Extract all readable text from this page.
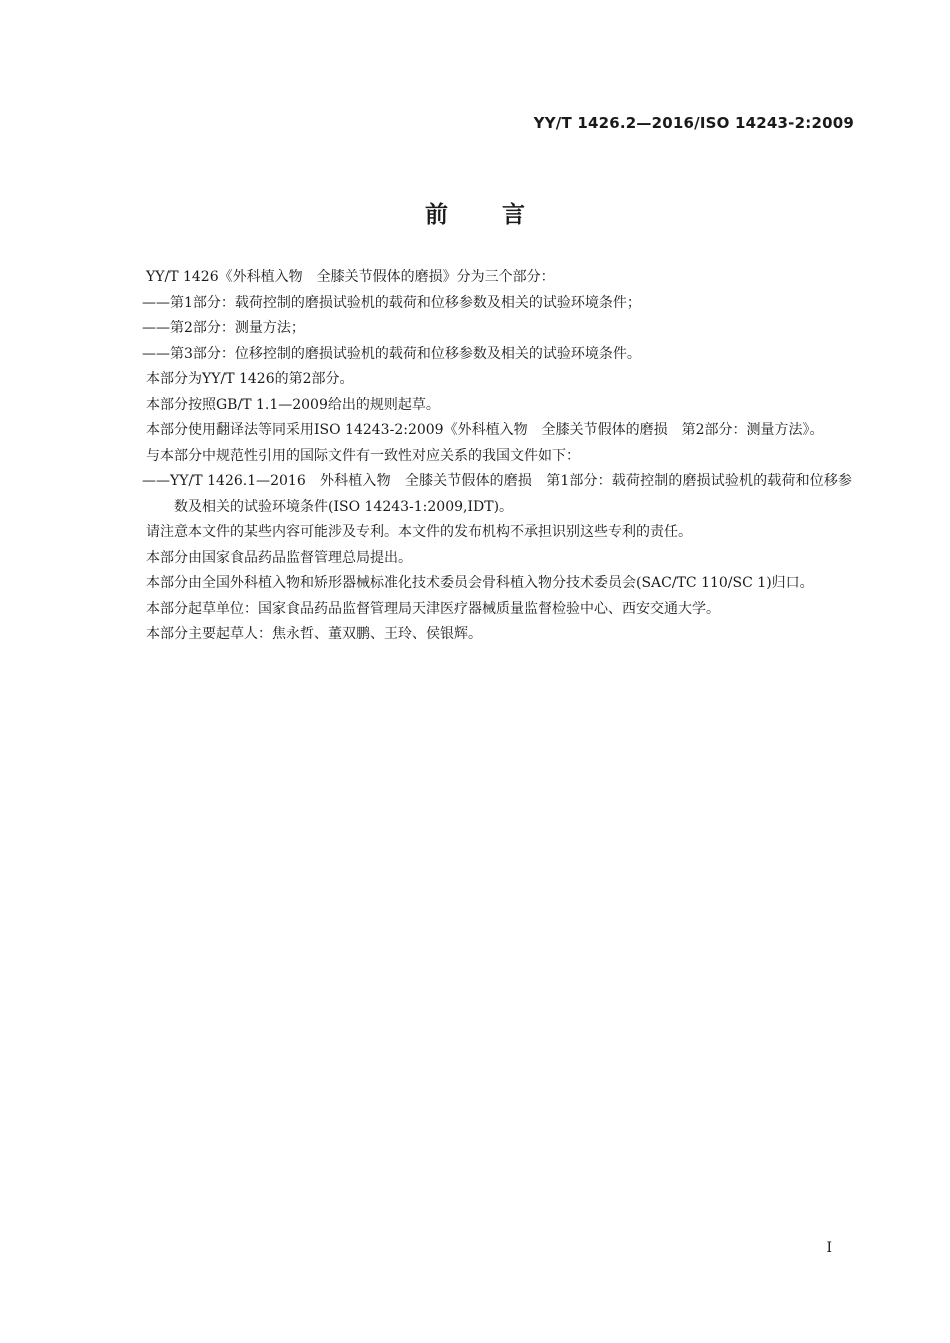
YY/T 1426.2—2016/ISO 14243-2:2009
前言

YY/T 1426《外科植入物　全膝关节假体的磨损》分为三个部分：

——第1部分：载荷控制的磨损试验机的载荷和位移参数及相关的试验环境条件；

——第2部分：测量方法；

——第3部分：位移控制的磨损试验机的载荷和位移参数及相关的试验环境条件。

本部分为YY/T 1426的第2部分。

本部分按照GB/T 1.1—2009给出的规则起草。

本部分使用翻译法等同采用ISO 14243-2:2009《外科植入物　全膝关节假体的磨损　第2部分：测量方法》。

与本部分中规范性引用的国际文件有一致性对应关系的我国文件如下：

——YY/T 1426.1—2016　外科植入物　全膝关节假体的磨损　第1部分：载荷控制的磨损试验机的载荷和位移参数及相关的试验环境条件(ISO 14243-1:2009,IDT)。

请注意本文件的某些内容可能涉及专利。本文件的发布机构不承担识别这些专利的责任。

本部分由国家食品药品监督管理总局提出。

本部分由全国外科植入物和矫形器械标准化技术委员会骨科植入物分技术委员会(SAC/TC 110/SC 1)归口。

本部分起草单位：国家食品药品监督管理局天津医疗器械质量监督检验中心、西安交通大学。

本部分主要起草人：焦永哲、董双鹏、王玲、侯银辉。

I
